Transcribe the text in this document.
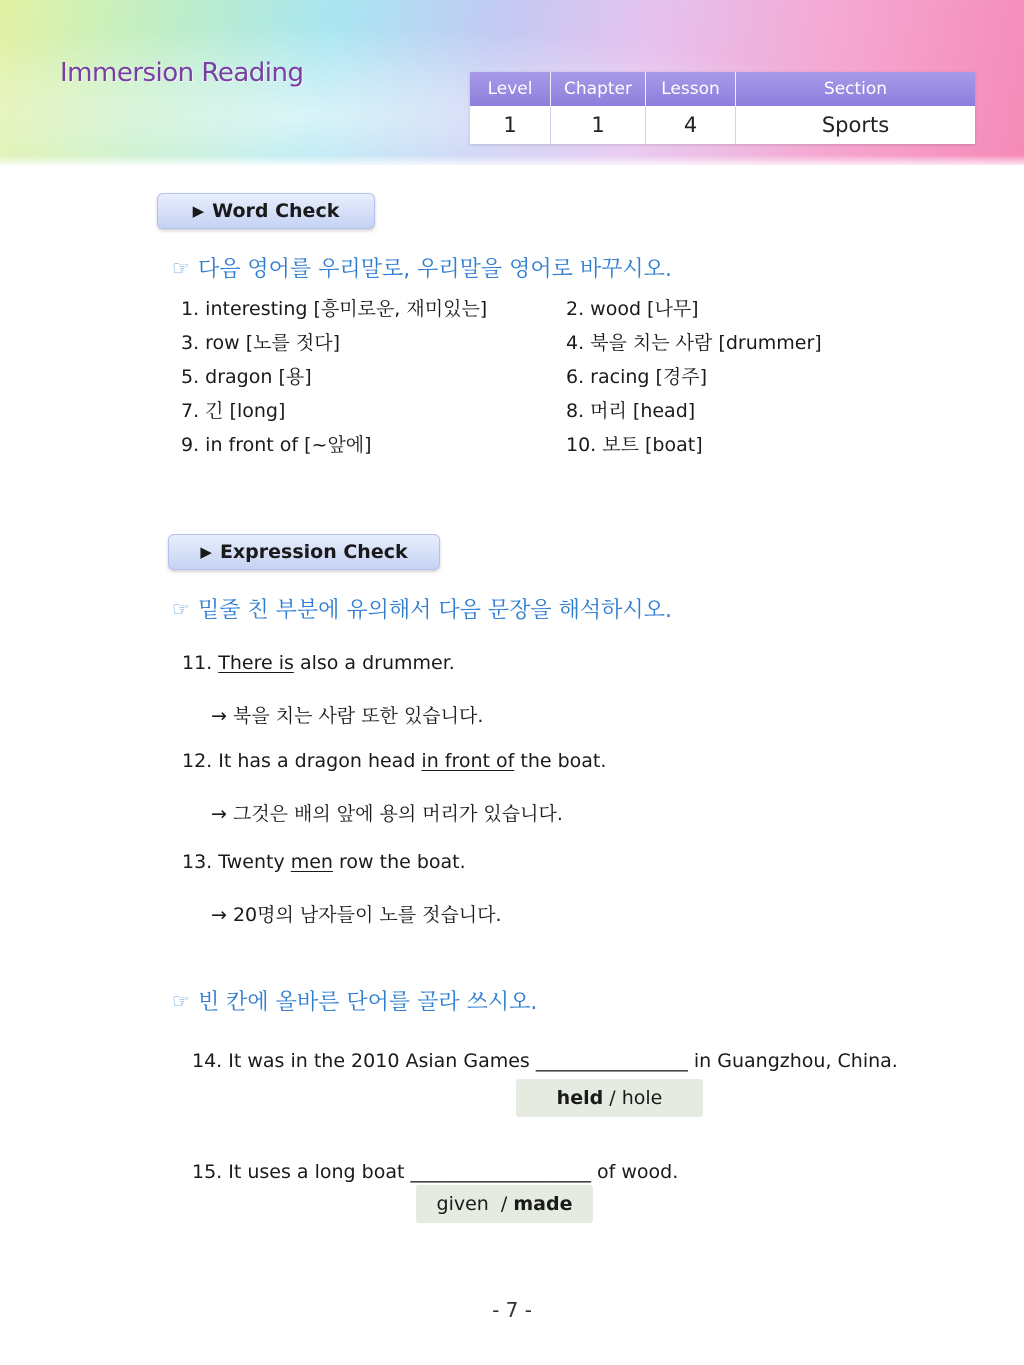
Immersion Reading
Level	Chapter	Lesson	Section
1	1	4	Sports
▶ Word Check
☞ 다음 영어를 우리말로, 우리말을 영어로 바꾸시오.
1. interesting [흥미로운, 재미있는]	2. wood [나무]
3. row [노를 젓다]	4. 북을 치는 사람 [drummer]
5. dragon [용]	6. racing [경주]
7. 긴 [long]	8. 머리 [head]
9. in front of [~앞에]	10. 보트 [boat]
▶ Expression Check
☞ 밑줄 친 부분에 유의해서 다음 문장을 해석하시오.
11. There is also a drummer.
→ 북을 치는 사람 또한 있습니다.
12. It has a dragon head in front of the boat.
→ 그것은 배의 앞에 용의 머리가 있습니다.
13. Twenty men row the boat.
→ 20명의 남자들이 노를 젓습니다.
☞ 빈 칸에 올바른 단어를 골라 쓰시오.
14. It was in the 2010 Asian Games ________________ in Guangzhou, China.
held / hole
15. It uses a long boat ___________________ of wood.
given / made
- 7 -
